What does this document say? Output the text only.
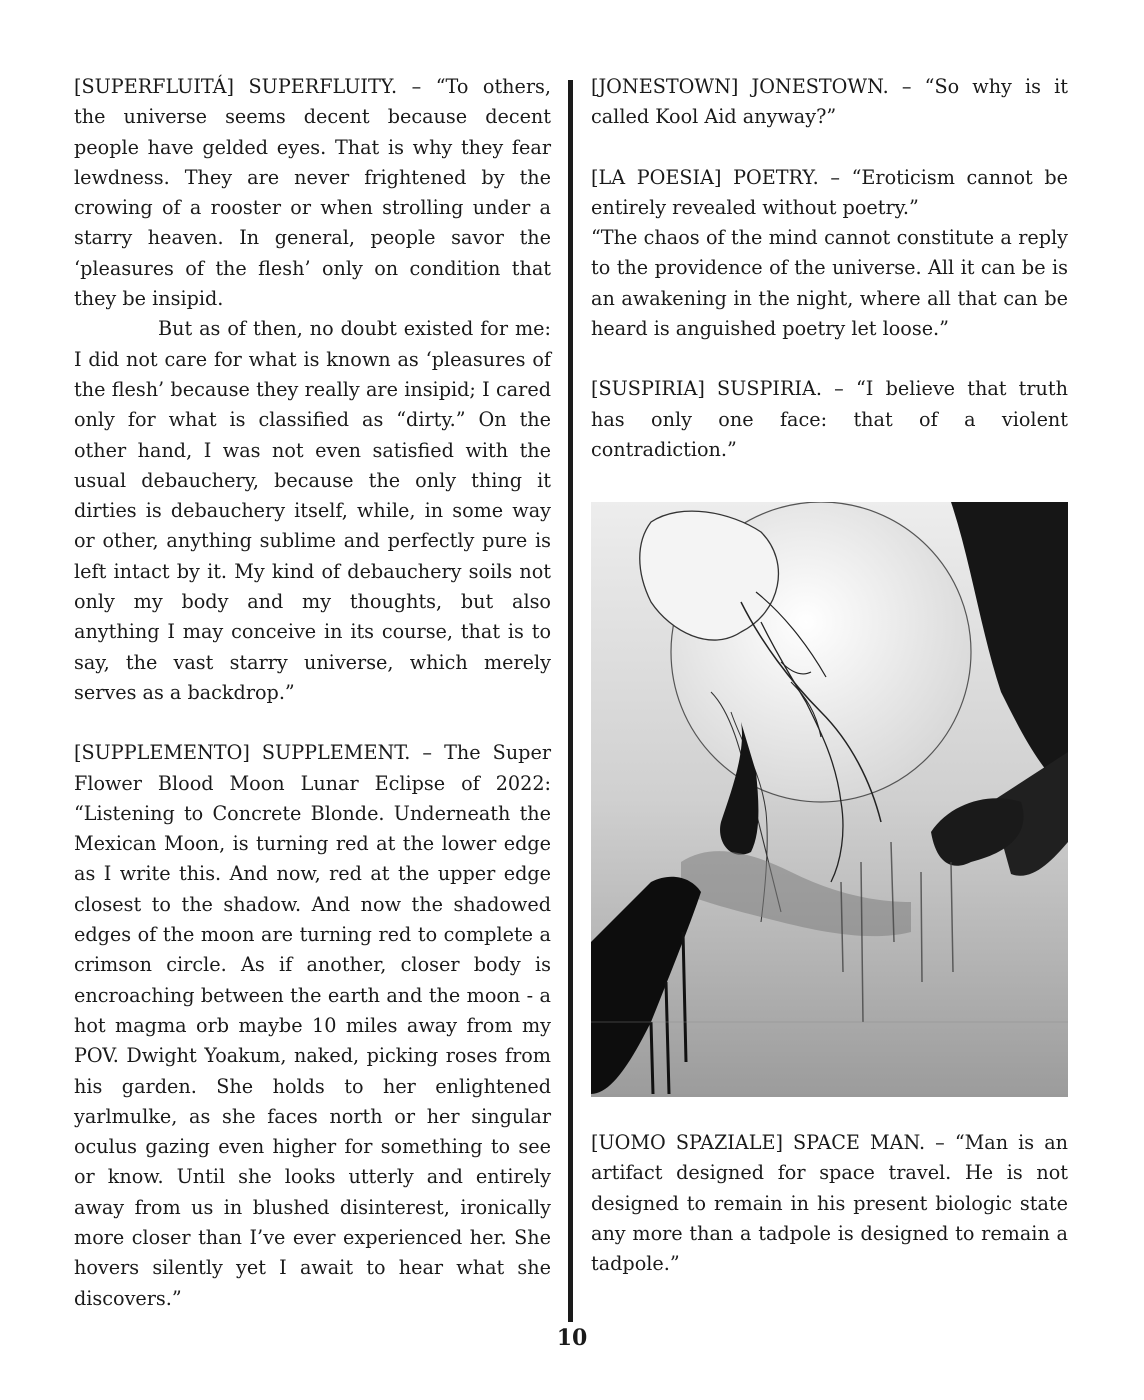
[SUPERFLUITÁ] SUPERFLUITY. – “To others, the universe seems decent because decent people have gelded eyes. That is why they fear lewdness. They are never frightened by the crowing of a rooster or when strolling under a starry heaven. In general, people savor the ‘pleasures of the flesh’ only on condition that they be insipid.

But as of then, no doubt existed for me: I did not care for what is known as ‘pleasures of the flesh’ because they really are insipid; I cared only for what is classified as “dirty.” On the other hand, I was not even satisfied with the usual debauchery, because the only thing it dirties is debauchery itself, while, in some way or other, anything sublime and perfectly pure is left intact by it. My kind of debauchery soils not only my body and my thoughts, but also anything I may conceive in its course, that is to say, the vast starry universe, which merely serves as a backdrop.”

[SUPPLEMENTO] SUPPLEMENT. – The Super Flower Blood Moon Lunar Eclipse of 2022: “Listening to Concrete Blonde. Underneath the Mexican Moon, is turning red at the lower edge as I write this. And now, red at the upper edge closest to the shadow. And now the shadowed edges of the moon are turning red to complete a crimson circle. As if another, closer body is encroaching between the earth and the moon - a hot magma orb maybe 10 miles away from my POV. Dwight Yoakum, naked, picking roses from his garden. She holds to her enlightened yarlmulke, as she faces north or her singular oculus gazing even higher for something to see or know. Until she looks utterly and entirely away from us in blushed disinterest, ironically more closer than I’ve ever experienced her. She hovers silently yet I await to hear what she discovers.”

[JONESTOWN] JONESTOWN. – “So why is it called Kool Aid anyway?”

[LA POESIA] POETRY. – “Eroticism cannot be entirely revealed without poetry.”

“The chaos of the mind cannot constitute a reply to the providence of the universe. All it can be is an awakening in the night, where all that can be heard is anguished poetry let loose.”

[SUSPIRIA] SUSPIRIA. – “I believe that truth has only one face: that of a violent contradiction.”

[UOMO SPAZIALE] SPACE MAN. – “Man is an artifact designed for space travel. He is not designed to remain in his present biologic state any more than a tadpole is designed to remain a tadpole.”

10
